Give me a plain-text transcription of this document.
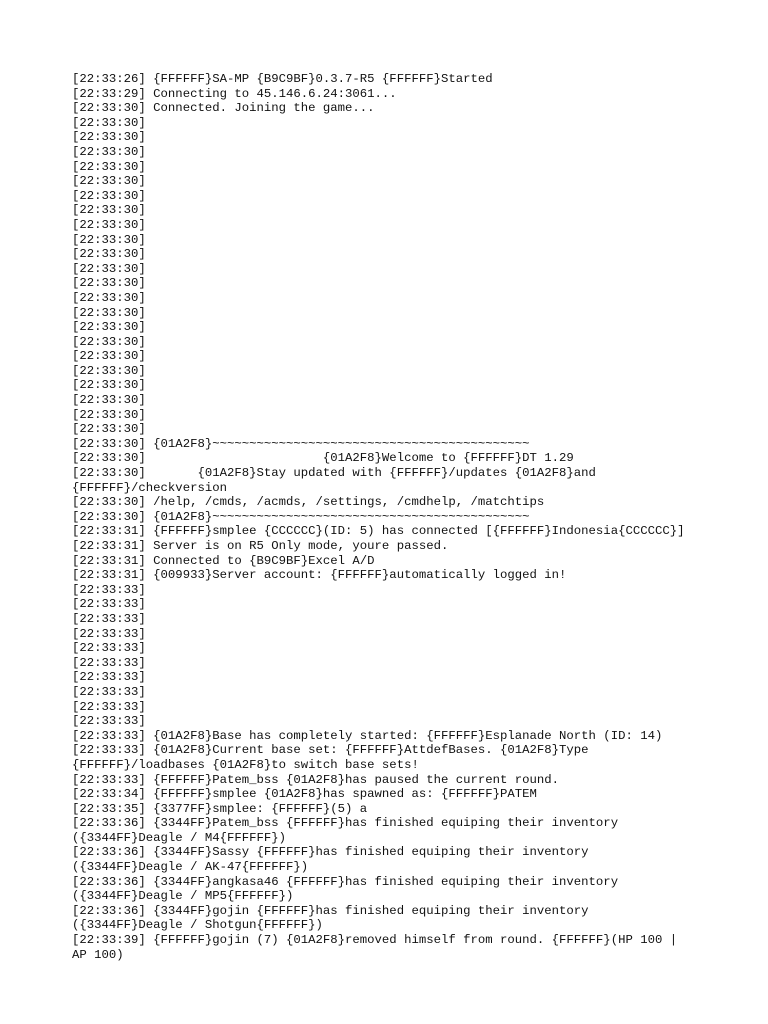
[22:33:26] {FFFFFF}SA-MP {B9C9BF}0.3.7-R5 {FFFFFF}Started
[22:33:29] Connecting to 45.146.6.24:3061...
[22:33:30] Connected. Joining the game...
[22:33:30]
[22:33:30]
[22:33:30]
[22:33:30]
[22:33:30]
[22:33:30]
[22:33:30]
[22:33:30]
[22:33:30]
[22:33:30]
[22:33:30]
[22:33:30]
[22:33:30]
[22:33:30]
[22:33:30]
[22:33:30]
[22:33:30]
[22:33:30]
[22:33:30]
[22:33:30]
[22:33:30]
[22:33:30]
[22:33:30] {01A2F8}~~~~~~~~~~~~~~~~~~~~~~~~~~~~~~~~~~~~~~~~~~~
[22:33:30]                        {01A2F8}Welcome to {FFFFFF}DT 1.29
[22:33:30]       {01A2F8}Stay updated with {FFFFFF}/updates {01A2F8}and
{FFFFFF}/checkversion
[22:33:30] /help, /cmds, /acmds, /settings, /cmdhelp, /matchtips
[22:33:30] {01A2F8}~~~~~~~~~~~~~~~~~~~~~~~~~~~~~~~~~~~~~~~~~~~
[22:33:31] {FFFFFF}smplee {CCCCCC}(ID: 5) has connected [{FFFFFF}Indonesia{CCCCCC}]
[22:33:31] Server is on R5 Only mode, youre passed.
[22:33:31] Connected to {B9C9BF}Excel A/D
[22:33:31] {009933}Server account: {FFFFFF}automatically logged in!
[22:33:33]
[22:33:33]
[22:33:33]
[22:33:33]
[22:33:33]
[22:33:33]
[22:33:33]
[22:33:33]
[22:33:33]
[22:33:33]
[22:33:33] {01A2F8}Base has completely started: {FFFFFF}Esplanade North (ID: 14)
[22:33:33] {01A2F8}Current base set: {FFFFFF}AttdefBases. {01A2F8}Type
{FFFFFF}/loadbases {01A2F8}to switch base sets!
[22:33:33] {FFFFFF}Patem_bss {01A2F8}has paused the current round.
[22:33:34] {FFFFFF}smplee {01A2F8}has spawned as: {FFFFFF}PATEM
[22:33:35] {3377FF}smplee: {FFFFFF}(5) a
[22:33:36] {3344FF}Patem_bss {FFFFFF}has finished equiping their inventory
({3344FF}Deagle / M4{FFFFFF})
[22:33:36] {3344FF}Sassy {FFFFFF}has finished equiping their inventory
({3344FF}Deagle / AK-47{FFFFFF})
[22:33:36] {3344FF}angkasa46 {FFFFFF}has finished equiping their inventory
({3344FF}Deagle / MP5{FFFFFF})
[22:33:36] {3344FF}gojin {FFFFFF}has finished equiping their inventory
({3344FF}Deagle / Shotgun{FFFFFF})
[22:33:39] {FFFFFF}gojin (7) {01A2F8}removed himself from round. {FFFFFF}(HP 100 |
AP 100)
